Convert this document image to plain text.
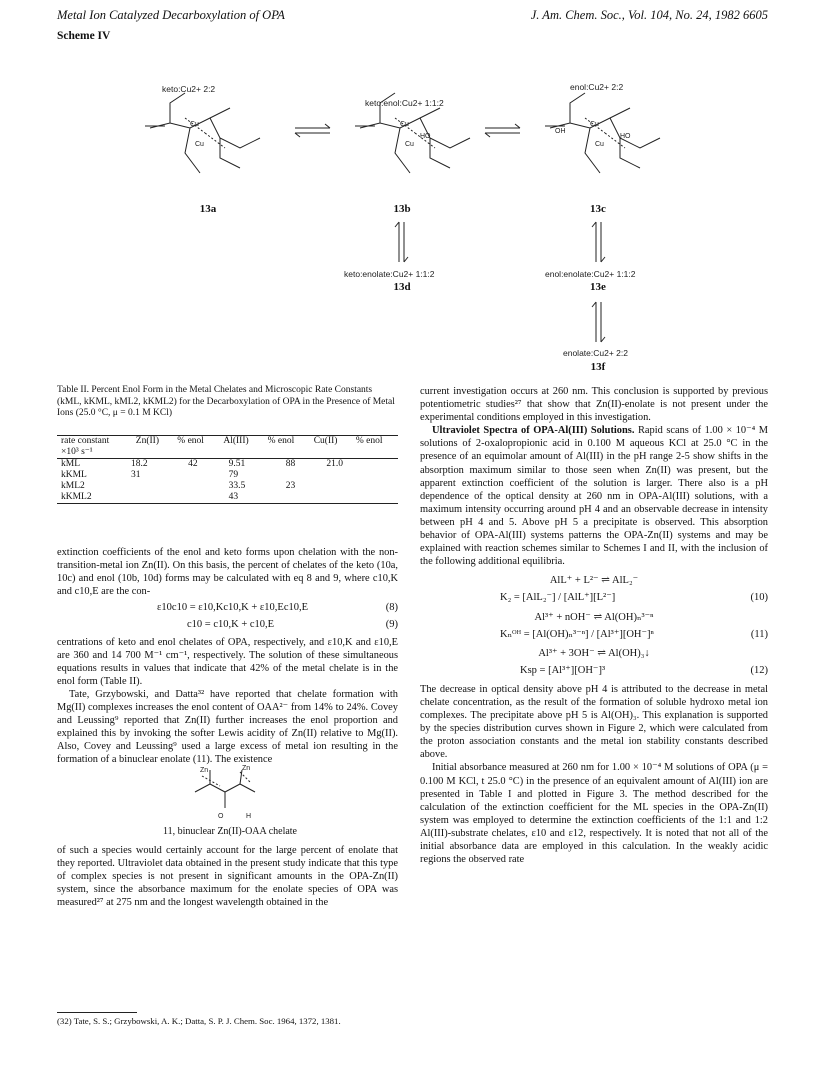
Metal Ion Catalyzed Decarboxylation of OPA	J. Am. Chem. Soc., Vol. 104, No. 24, 1982 6605
Scheme IV
Cu
Cu
Cu
Cu
Cu
Cu
OH
HO
HO
keto:Cu2+ 2:2
keto:enol:Cu2+ 1:1:2
enol:Cu2+ 2:2
13a	13b	13c
keto:enolate:Cu2+ 1:1:2
13d
enol:enolate:Cu2+ 1:1:2
13e
enolate:Cu2+ 2:2
13f
Table II. Percent Enol Form in the Metal Chelates and Microscopic Rate Constants (kML, kKML, kML2, kKML2) for the Decarboxylation of OPA in the Presence of Metal Ions (25.0 °C, μ = 0.1 M KCl)
rate constant
×10³ s⁻¹
	Zn(II)	% enol	Al(III)	% enol	Cu(II)	% enol
kML	18.2	42	9.51	88	21.0	
kKML	31		79			
kML2			33.5	23		
kKML2			43			

extinction coefficients of the enol and keto forms upon chelation with the non-transition-metal ion Zn(II). On this basis, the percent of chelates of the keto (10a, 10c) and enol (10b, 10d) forms may be calculated with eq 8 and 9, where c10,K and c10,E are the con-

ε10c10 = ε10,Kc10,K + ε10,Ec10,E	(8)
c10 = c10,K + c10,E	(9)

centrations of keto and enol chelates of OPA, respectively, and ε10,K and ε10,E are 360 and 14 700 M⁻¹ cm⁻¹, respectively. The solution of these simultaneous equations results in values that indicate that 42% of the metal chelate is in the enol form (Table II).

Tate, Grzybowski, and Datta³² have reported that chelate formation with Mg(II) complexes increases the enol content of OAA²⁻ from 14% to 24%. Covey and Leussing⁹ reported that Zn(II) further increases the enol proportion and explained this by invoking the softer Lewis acidity of Zn(II) relative to Mg(II). Also, Covey and Leussing⁹ used a large excess of metal ion resulting in the formation of a binuclear enolate (11). The existence

Zn	Zn
O	H
11, binuclear Zn(II)-OAA chelate

of such a species would certainly account for the large percent of enolate that they reported. Ultraviolet data obtained in the present study indicate that this type of complex species is not present in significant amounts in the OPA-Zn(II) system, since the absorbance maximum for the enolate species of OPA was measured²⁷ at 275 nm and the longest wavelength obtained in the

(32) Tate, S. S.; Grzybowski, A. K.; Datta, S. P. J. Chem. Soc. 1964, 1372, 1381.

current investigation occurs at 260 nm. This conclusion is supported by previous potentiometric studies²⁷ that show that Zn(II)-enolate is not present under the experimental conditions employed in this investigation.

Ultraviolet Spectra of OPA-Al(III) Solutions. Rapid scans of 1.00 × 10⁻⁴ M solutions of 2-oxalopropionic acid in 0.100 M aqueous KCl at 25.0 °C in the presence of an equimolar amount of Al(III) in the pH range 2-5 show shifts in the absorption maximum similar to those seen when Zn(II) was present, but the apparent extinction coefficient of the solution is larger. There also is a pH dependence of the optical density at 260 nm in OPA-Al(III) solutions, with a maximum intensity occurring around pH 4 and an observable decrease in intensity between pH 4 and 5. Above pH 5 a precipitate is observed. This absorption behavior of OPA-Al(III) systems patterns the OPA-Zn(II) systems and may be explained with reaction schemes similar to Schemes I and II, with the inclusion of the following additional equilibria.

AlL⁺ + L²⁻ ⇌ AlL₂⁻
K₂ = [AlL₂⁻] / [AlL⁺][L²⁻]	(10)
Al³⁺ + nOH⁻ ⇌ Al(OH)ₙ³⁻ⁿ
Kₙᴼᴴ = [Al(OH)ₙ³⁻ⁿ] / [Al³⁺][OH⁻]ⁿ	(11)
Al³⁺ + 3OH⁻ ⇌ Al(OH)₃↓
Ksp = [Al³⁺][OH⁻]³	(12)

The decrease in optical density above pH 4 is attributed to the decrease in metal chelate concentration, as the result of the formation of soluble hydroxo metal ion complexes. The precipitate above pH 5 is Al(OH)₃. This explanation is supported by the species distribution curves shown in Figure 2, which were calculated from the proton association constants and the metal ion stability constants described above.

Initial absorbance measured at 260 nm for 1.00 × 10⁻⁴ M solutions of OPA (μ = 0.100 M KCl, t 25.0 °C) in the presence of an equivalent amount of Al(III) ion are presented in Table I and plotted in Figure 3. The method described for the calculation of the extinction coefficient for the ML species in the OPA-Zn(II) system was employed to determine the extinction coefficients of the 1:1 and 1:2 Al(III)-substrate chelates, ε10 and ε12, respectively. It is noted that not all of the initial absorbance data are employed in this calculation. In the weakly acidic regions the observed rate
